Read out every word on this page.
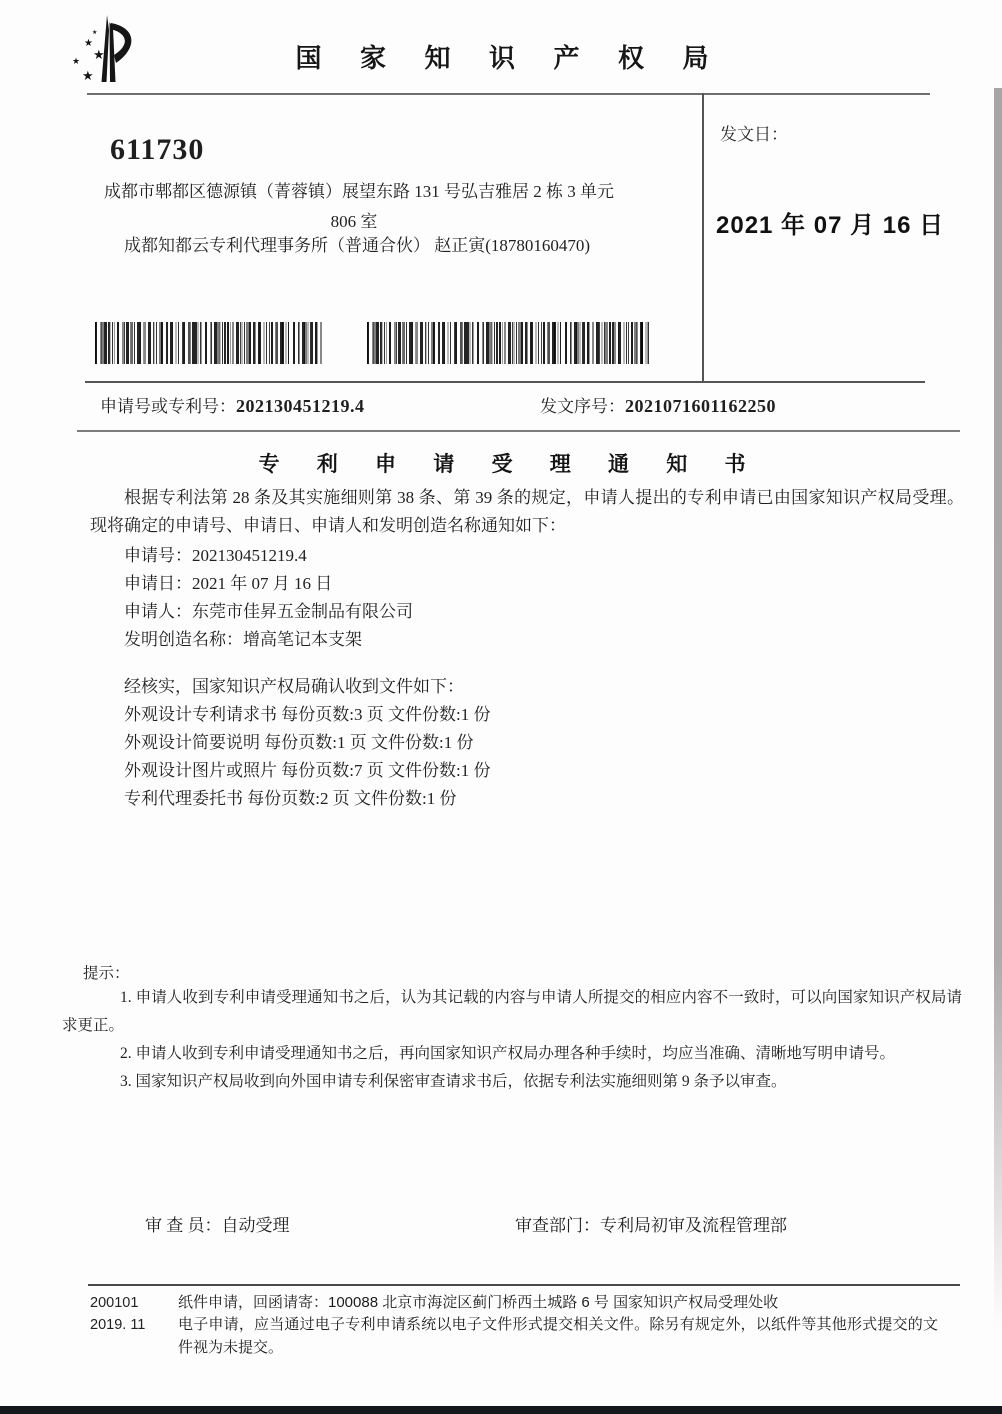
★
★
★
★
★
国 家 知 识 产 权 局
611730
成都市郫都区德源镇（菁蓉镇）展望东路 131 号弘吉雅居 2 栋 3 单元
806 室
成都知都云专利代理事务所（普通合伙） 赵正寅(18780160470)
发文日：
2021 年 07 月 16 日
申请号或专利号：202130451219.4	发文序号：2021071601162250
专 利 申 请 受 理 通 知 书
根据专利法第 28 条及其实施细则第 38 条、第 39 条的规定，申请人提出的专利申请已由国家知识产权局受理。现将确定的申请号、申请日、申请人和发明创造名称通知如下：
申请号：202130451219.4
申请日：2021 年 07 月 16 日
申请人：东莞市佳昇五金制品有限公司
发明创造名称：增高笔记本支架
经核实，国家知识产权局确认收到文件如下：
外观设计专利请求书 每份页数:3 页 文件份数:1 份
外观设计简要说明 每份页数:1 页 文件份数:1 份
外观设计图片或照片 每份页数:7 页 文件份数:1 份
专利代理委托书 每份页数:2 页 文件份数:1 份
提示：
1. 申请人收到专利申请受理通知书之后，认为其记载的内容与申请人所提交的相应内容不一致时，可以向国家知识产权局请求更正。
2. 申请人收到专利申请受理通知书之后，再向国家知识产权局办理各种手续时，均应当准确、清晰地写明申请号。
3. 国家知识产权局收到向外国申请专利保密审查请求书后，依据专利法实施细则第 9 条予以审查。
审 查 员：自动受理	审查部门：专利局初审及流程管理部
200101
2019. 11
纸件申请，回函请寄：100088 北京市海淀区蓟门桥西土城路 6 号 国家知识产权局受理处收
电子申请，应当通过电子专利申请系统以电子文件形式提交相关文件。除另有规定外，以纸件等其他形式提交的文件视为未提交。
